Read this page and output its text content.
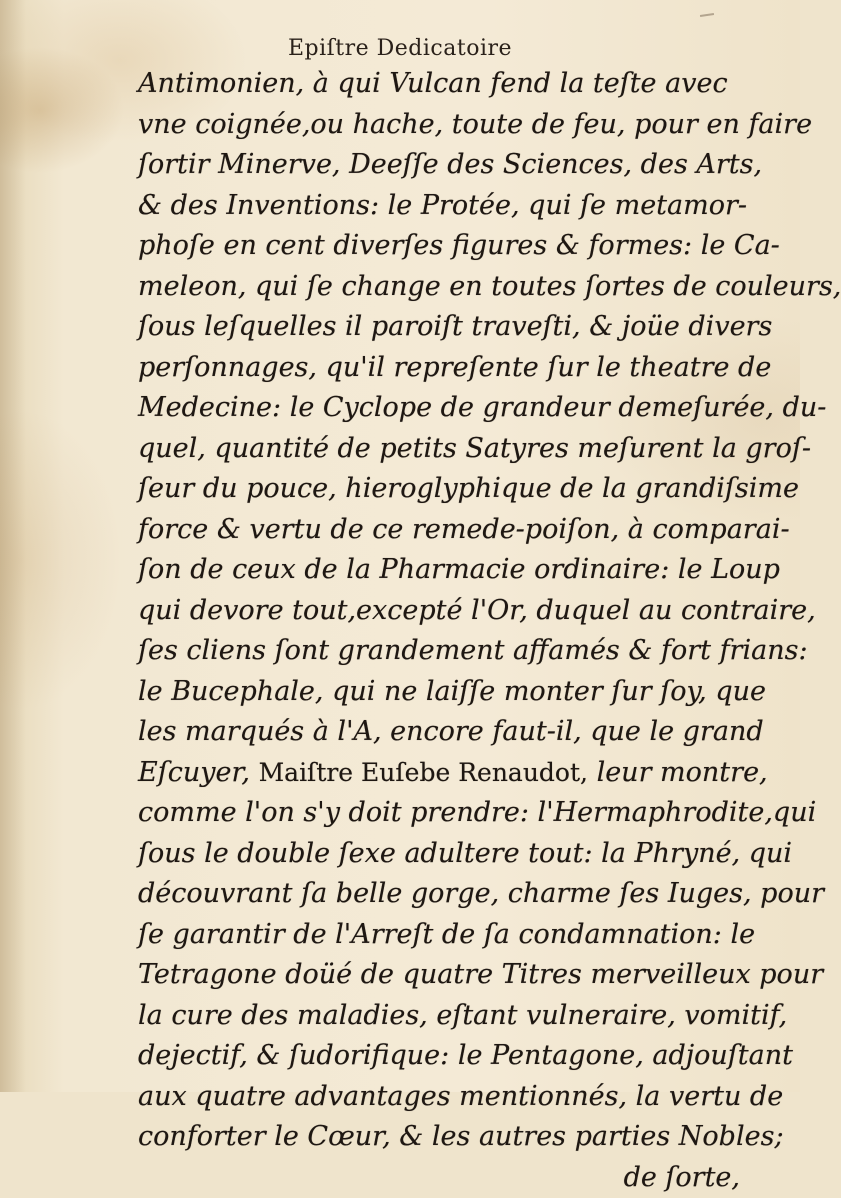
Epiſtre Dedicatoire
Antimonien, à qui Vulcan fend la teſte avec
vne coignée,ou hache, toute de feu, pour en faire
ſortir Minerve, Deeſſe des Sciences, des Arts,
& des Inventions: le Protée, qui ſe metamor-
phoſe en cent diverſes figures & formes: le Ca-
meleon, qui ſe change en toutes ſortes de couleurs,
ſous leſquelles il paroiſt traveſti, & joüe divers
perſonnages, qu'il repreſente ſur le theatre de
Medecine: le Cyclope de grandeur demeſurée, du-
quel, quantité de petits Satyres meſurent la groſ-
ſeur du pouce, hieroglyphique de la grandiſsime
force & vertu de ce remede-poiſon, à comparai-
ſon de ceux de la Pharmacie ordinaire: le Loup
qui devore tout,excepté l'Or, duquel au contraire,
ſes cliens ſont grandement affamés & fort frians:
le Bucephale, qui ne laiſſe monter ſur ſoy, que
les marqués à l'A, encore faut-il, que le grand
Eſcuyer, Maiſtre Euſebe Renaudot, leur montre,
comme l'on s'y doit prendre: l'Hermaphrodite,qui
ſous le double ſexe adultere tout: la Phryné, qui
découvrant ſa belle gorge, charme ſes Iuges, pour
ſe garantir de l'Arreſt de ſa condamnation: le
Tetragone doüé de quatre Titres merveilleux pour
la cure des maladies, eſtant vulneraire, vomitif,
dejectif, & ſudorifique: le Pentagone, adjouſtant
aux quatre advantages mentionnés, la vertu de
conforter le Cœur, & les autres parties Nobles;
de ſorte,
